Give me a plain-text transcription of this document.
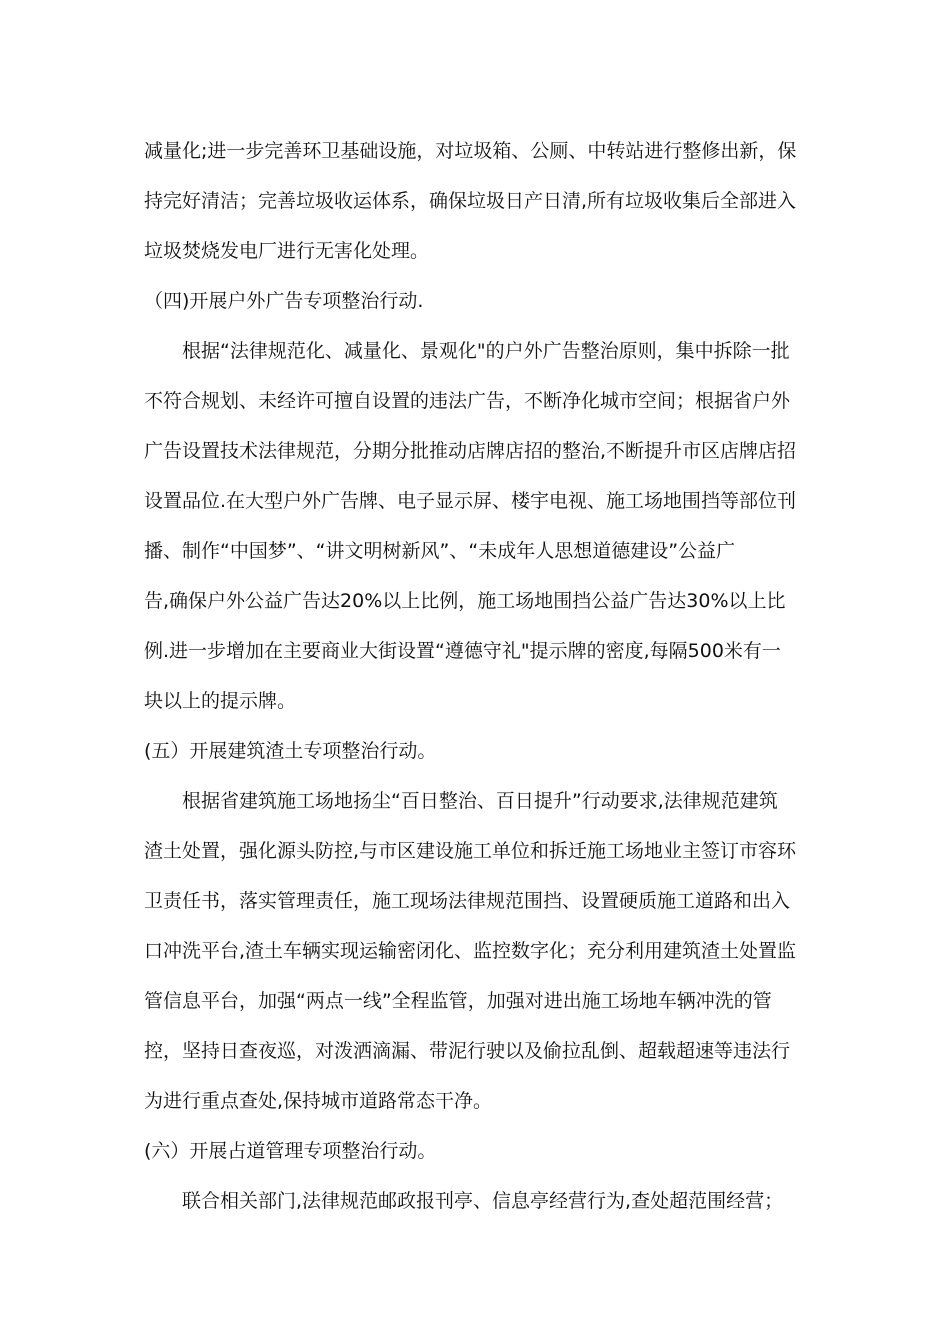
减量化;进一步完善环卫基础设施，对垃圾箱、公厕、中转站进行整修出新，保
持完好清洁；完善垃圾收运体系，确保垃圾日产日清,所有垃圾收集后全部进入
垃圾焚烧发电厂进行无害化处理。
（四)开展户外广告专项整治行动.
根据“法律规范化、减量化、景观化"的户外广告整治原则，集中拆除一批
不符合规划、未经许可擅自设置的违法广告，不断净化城市空间；根据省户外
广告设置技术法律规范，分期分批推动店牌店招的整治,不断提升市区店牌店招
设置品位.在大型户外广告牌、电子显示屏、楼宇电视、施工场地围挡等部位刊
播、制作“中国梦”、“讲文明树新风”、“未成年人思想道德建设”公益广
告,确保户外公益广告达20%以上比例，施工场地围挡公益广告达30%以上比
例.进一步增加在主要商业大街设置“遵德守礼"提示牌的密度,每隔500米有一
块以上的提示牌。
(五）开展建筑渣土专项整治行动。
根据省建筑施工场地扬尘“百日整治、百日提升”行动要求,法律规范建筑
渣土处置，强化源头防控,与市区建设施工单位和拆迁施工场地业主签订市容环
卫责任书，落实管理责任，施工现场法律规范围挡、设置硬质施工道路和出入
口冲洗平台,渣土车辆实现运输密闭化、监控数字化；充分利用建筑渣土处置监
管信息平台，加强“两点一线”全程监管，加强对进出施工场地车辆冲洗的管
控，坚持日查夜巡，对泼洒滴漏、带泥行驶以及偷拉乱倒、超载超速等违法行
为进行重点查处,保持城市道路常态干净。
(六）开展占道管理专项整治行动。
联合相关部门,法律规范邮政报刊亭、信息亭经营行为,查处超范围经营；
